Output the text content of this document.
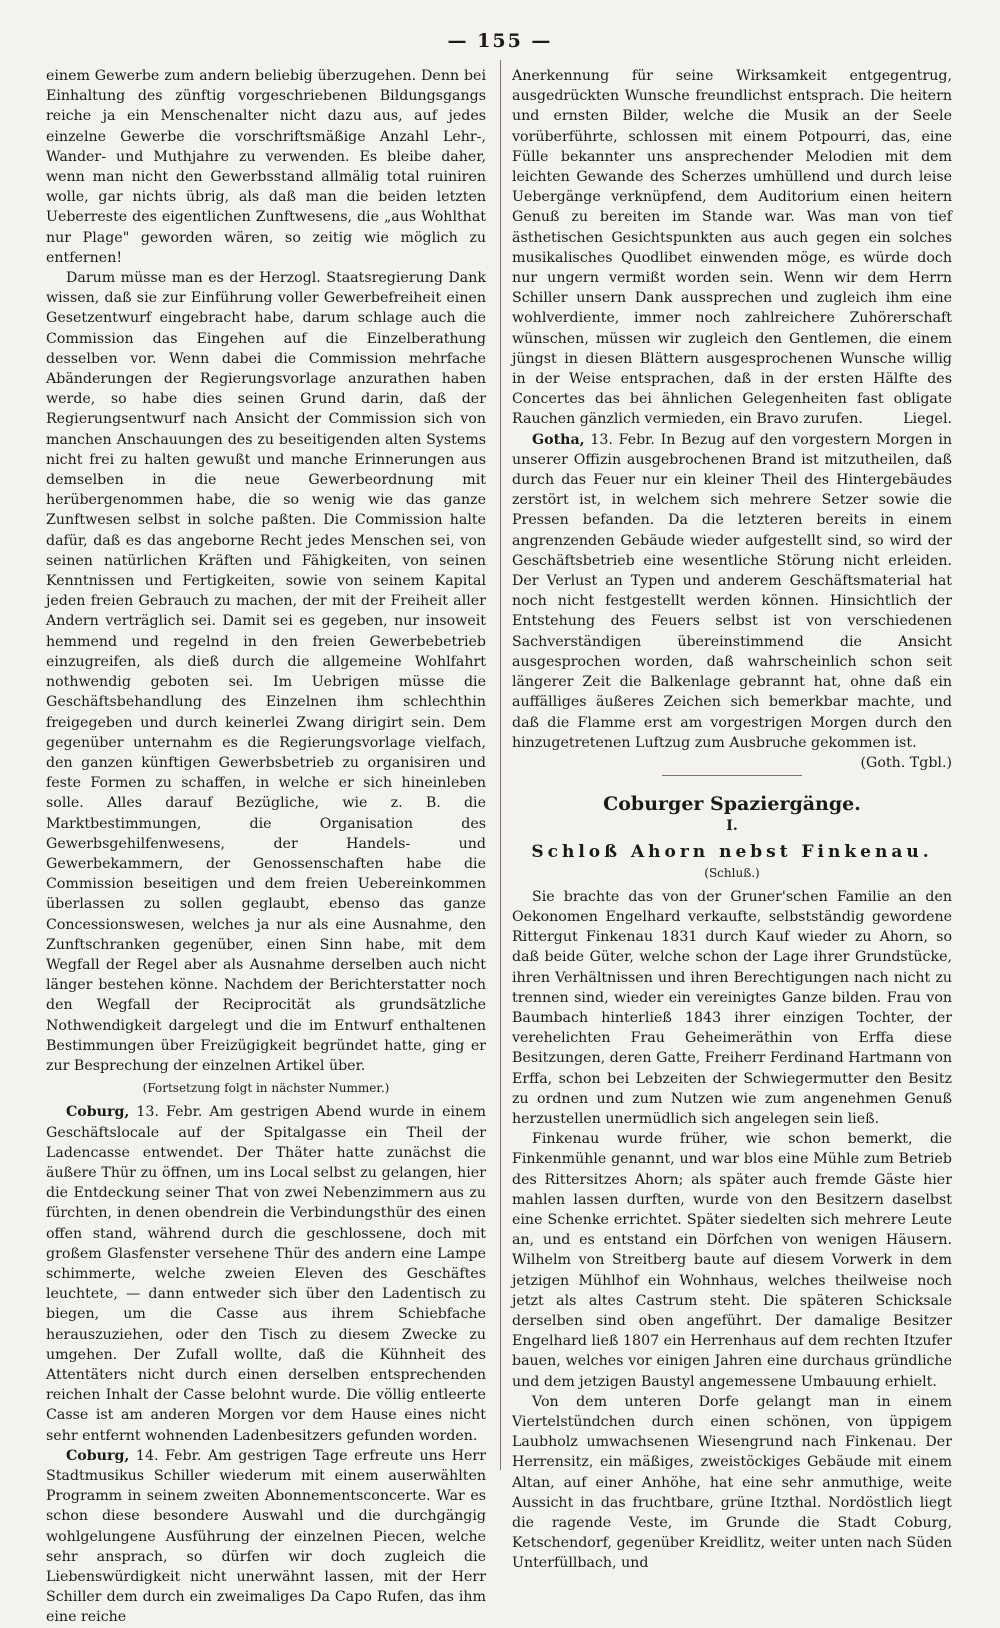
— 155 —

einem Gewerbe zum andern beliebig überzugehen. Denn bei Einhaltung des zünftig vorgeschriebenen Bildungsgangs reiche ja ein Menschenalter nicht dazu aus, auf jedes einzelne Gewerbe die vorschriftsmäßige Anzahl Lehr-, Wander- und Muthjahre zu verwenden. Es bleibe daher, wenn man nicht den Gewerbsstand allmälig total ruiniren wolle, gar nichts übrig, als daß man die beiden letzten Ueberreste des eigentlichen Zunftwesens, die „aus Wohlthat nur Plage" geworden wären, so zeitig wie möglich zu entfernen!

Darum müsse man es der Herzogl. Staatsregierung Dank wissen, daß sie zur Einführung voller Gewerbefreiheit einen Gesetzentwurf eingebracht habe, darum schlage auch die Commission das Eingehen auf die Einzelberathung desselben vor. Wenn dabei die Commission mehrfache Abänderungen der Regierungsvorlage anzurathen haben werde, so habe dies seinen Grund darin, daß der Regierungsentwurf nach Ansicht der Commission sich von manchen Anschauungen des zu beseitigenden alten Systems nicht frei zu halten gewußt und manche Erinnerungen aus demselben in die neue Gewerbeordnung mit herübergenommen habe, die so wenig wie das ganze Zunftwesen selbst in solche paßten. Die Commission halte dafür, daß es das angeborne Recht jedes Menschen sei, von seinen natürlichen Kräften und Fähigkeiten, von seinen Kenntnissen und Fertigkeiten, sowie von seinem Kapital jeden freien Gebrauch zu machen, der mit der Freiheit aller Andern verträglich sei. Damit sei es gegeben, nur insoweit hemmend und regelnd in den freien Gewerbebetrieb einzugreifen, als dieß durch die allgemeine Wohlfahrt nothwendig geboten sei. Im Uebrigen müsse die Geschäftsbehandlung des Einzelnen ihm schlechthin freigegeben und durch keinerlei Zwang dirigirt sein. Dem gegenüber unternahm es die Regierungsvorlage vielfach, den ganzen künftigen Gewerbsbetrieb zu organisiren und feste Formen zu schaffen, in welche er sich hineinleben solle. Alles darauf Bezügliche, wie z. B. die Marktbestimmungen, die Organisation des Gewerbsgehilfenwesens, der Handels- und Gewerbekammern, der Genossenschaften habe die Commission beseitigen und dem freien Uebereinkommen überlassen zu sollen geglaubt, ebenso das ganze Concessionswesen, welches ja nur als eine Ausnahme, den Zunftschranken gegenüber, einen Sinn habe, mit dem Wegfall der Regel aber als Ausnahme derselben auch nicht länger bestehen könne. Nachdem der Berichterstatter noch den Wegfall der Reciprocität als grundsätzliche Nothwendigkeit dargelegt und die im Entwurf enthaltenen Bestimmungen über Freizügigkeit begründet hatte, ging er zur Besprechung der einzelnen Artikel über.

(Fortsetzung folgt in nächster Nummer.)

Coburg, 13. Febr. Am gestrigen Abend wurde in einem Geschäftslocale auf der Spitalgasse ein Theil der Ladencasse entwendet. Der Thäter hatte zunächst die äußere Thür zu öffnen, um ins Local selbst zu gelangen, hier die Entdeckung seiner That von zwei Nebenzimmern aus zu fürchten, in denen obendrein die Verbindungsthür des einen offen stand, während durch die geschlossene, doch mit großem Glasfenster versehene Thür des andern eine Lampe schimmerte, welche zweien Eleven des Geschäftes leuchtete, — dann entweder sich über den Ladentisch zu biegen, um die Casse aus ihrem Schiebfache herauszuziehen, oder den Tisch zu diesem Zwecke zu umgehen. Der Zufall wollte, daß die Kühnheit des Attentäters nicht durch einen derselben entsprechenden reichen Inhalt der Casse belohnt wurde. Die völlig entleerte Casse ist am anderen Morgen vor dem Hause eines nicht sehr entfernt wohnenden Ladenbesitzers gefunden worden.

Coburg, 14. Febr. Am gestrigen Tage erfreute uns Herr Stadtmusikus Schiller wiederum mit einem auserwählten Programm in seinem zweiten Abonnementsconcerte. War es schon diese besondere Auswahl und die durchgängig wohlgelungene Ausführung der einzelnen Piecen, welche sehr ansprach, so dürfen wir doch zugleich die Liebenswürdigkeit nicht unerwähnt lassen, mit der Herr Schiller dem durch ein zweimaliges Da Capo Rufen, das ihm eine reiche

Anerkennung für seine Wirksamkeit entgegentrug, ausgedrückten Wunsche freundlichst entsprach. Die heitern und ernsten Bilder, welche die Musik an der Seele vorüberführte, schlossen mit einem Potpourri, das, eine Fülle bekannter uns ansprechender Melodien mit dem leichten Gewande des Scherzes umhüllend und durch leise Uebergänge verknüpfend, dem Auditorium einen heitern Genuß zu bereiten im Stande war. Was man von tief ästhetischen Gesichtspunkten aus auch gegen ein solches musikalisches Quodlibet einwenden möge, es würde doch nur ungern vermißt worden sein. Wenn wir dem Herrn Schiller unsern Dank aussprechen und zugleich ihm eine wohlverdiente, immer noch zahlreichere Zuhörerschaft wünschen, müssen wir zugleich den Gentlemen, die einem jüngst in diesen Blättern ausgesprochenen Wunsche willig in der Weise entsprachen, daß in der ersten Hälfte des Concertes das bei ähnlichen Gelegenheiten fast obligate Rauchen gänzlich vermieden, ein Bravo zurufen.	Liegel.

Gotha, 13. Febr. In Bezug auf den vorgestern Morgen in unserer Offizin ausgebrochenen Brand ist mitzutheilen, daß durch das Feuer nur ein kleiner Theil des Hintergebäudes zerstört ist, in welchem sich mehrere Setzer sowie die Pressen befanden. Da die letzteren bereits in einem angrenzenden Gebäude wieder aufgestellt sind, so wird der Geschäftsbetrieb eine wesentliche Störung nicht erleiden. Der Verlust an Typen und anderem Geschäftsmaterial hat noch nicht festgestellt werden können. Hinsichtlich der Entstehung des Feuers selbst ist von verschiedenen Sachverständigen übereinstimmend die Ansicht ausgesprochen worden, daß wahrscheinlich schon seit längerer Zeit die Balkenlage gebrannt hat, ohne daß ein auffälliges äußeres Zeichen sich bemerkbar machte, und daß die Flamme erst am vorgestrigen Morgen durch den hinzugetretenen Luftzug zum Ausbruche gekommen ist.
(Goth. Tgbl.)

Coburger Spaziergänge.
I.
Schloß Ahorn nebst Finkenau.
(Schluß.)

Sie brachte das von der Gruner'schen Familie an den Oekonomen Engelhard verkaufte, selbstständig gewordene Rittergut Finkenau 1831 durch Kauf wieder zu Ahorn, so daß beide Güter, welche schon der Lage ihrer Grundstücke, ihren Verhältnissen und ihren Berechtigungen nach nicht zu trennen sind, wieder ein vereinigtes Ganze bilden. Frau von Baumbach hinterließ 1843 ihrer einzigen Tochter, der verehelichten Frau Geheimeräthin von Erffa diese Besitzungen, deren Gatte, Freiherr Ferdinand Hartmann von Erffa, schon bei Lebzeiten der Schwiegermutter den Besitz zu ordnen und zum Nutzen wie zum angenehmen Genuß herzustellen unermüdlich sich angelegen sein ließ.

Finkenau wurde früher, wie schon bemerkt, die Finkenmühle genannt, und war blos eine Mühle zum Betrieb des Rittersitzes Ahorn; als später auch fremde Gäste hier mahlen lassen durften, wurde von den Besitzern daselbst eine Schenke errichtet. Später siedelten sich mehrere Leute an, und es entstand ein Dörfchen von wenigen Häusern. Wilhelm von Streitberg baute auf diesem Vorwerk in dem jetzigen Mühlhof ein Wohnhaus, welches theilweise noch jetzt als altes Castrum steht. Die späteren Schicksale derselben sind oben angeführt. Der damalige Besitzer Engelhard ließ 1807 ein Herrenhaus auf dem rechten Itzufer bauen, welches vor einigen Jahren eine durchaus gründliche und dem jetzigen Baustyl angemessene Umbauung erhielt.

Von dem unteren Dorfe gelangt man in einem Viertelstündchen durch einen schönen, von üppigem Laubholz umwachsenen Wiesengrund nach Finkenau. Der Herrensitz, ein mäßiges, zweistöckiges Gebäude mit einem Altan, auf einer Anhöhe, hat eine sehr anmuthige, weite Aussicht in das fruchtbare, grüne Itzthal. Nordöstlich liegt die ragende Veste, im Grunde die Stadt Coburg, Ketschendorf, gegenüber Kreidlitz, weiter unten nach Süden Unterfüllbach, und
